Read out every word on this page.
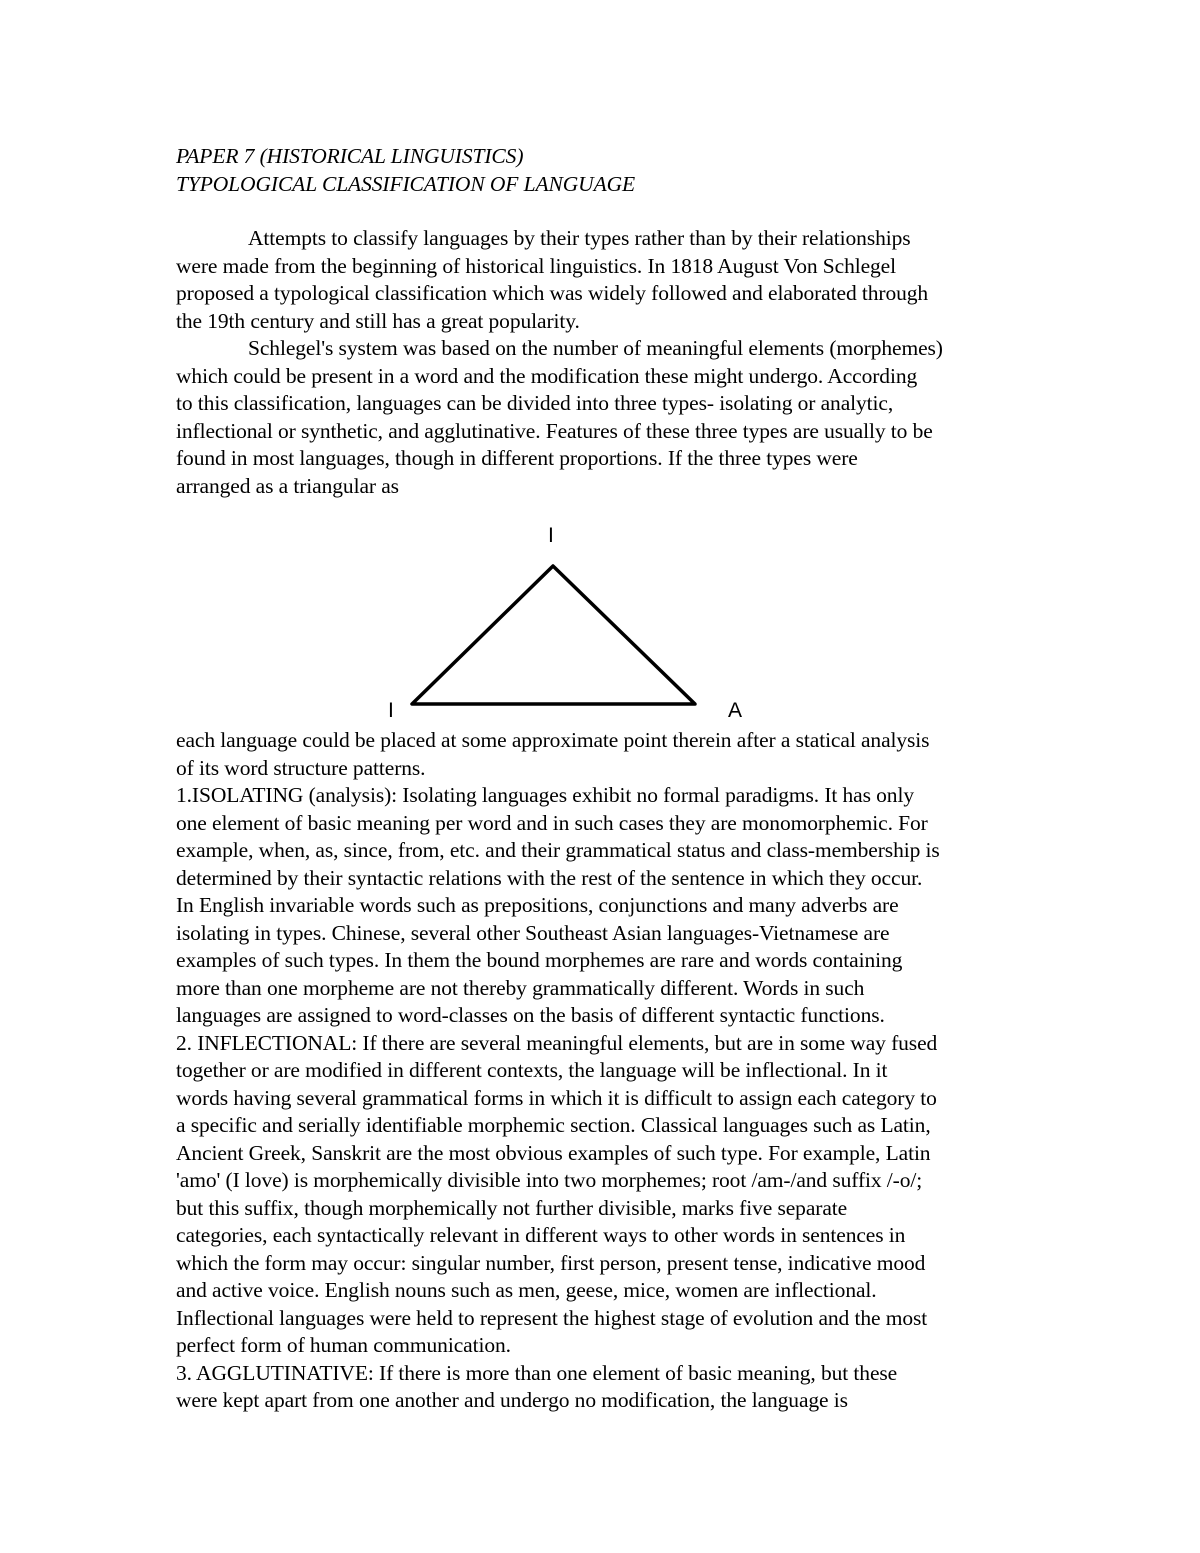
PAPER 7 (HISTORICAL LINGUISTICS)
TYPOLOGICAL CLASSIFICATION OF LANGUAGE
Attempts to classify languages by their types rather than by their relationships
were made from the beginning of historical linguistics. In 1818 August Von Schlegel
proposed a typological classification which was widely followed and elaborated through
the 19th century and still has a great popularity.
Schlegel's system was based on the number of meaningful elements (morphemes)
which could be present in a word and the modification these might undergo. According
to this classification, languages can be divided into three types- isolating or analytic,
inflectional or synthetic, and agglutinative. Features of these three types are usually to be
found in most languages, though in different proportions. If the three types were
arranged as a triangular as
I
I	A
each language could be placed at some approximate point therein after a statical analysis
of its word structure patterns.
1.ISOLATING (analysis): Isolating languages exhibit no formal paradigms. It has only
one element of basic meaning per word and in such cases they are monomorphemic. For
example, when, as, since, from, etc. and their grammatical status and class-membership is
determined by their syntactic relations with the rest of the sentence in which they occur.
In English invariable words such as prepositions, conjunctions and many adverbs are
isolating in types. Chinese, several other Southeast Asian languages-Vietnamese are
examples of such types. In them the bound morphemes are rare and words containing
more than one morpheme are not thereby grammatically different. Words in such
languages are assigned to word-classes on the basis of different syntactic functions.
2. INFLECTIONAL: If there are several meaningful elements, but are in some way fused
together or are modified in different contexts, the language will be inflectional. In it
words having several grammatical forms in which it is difficult to assign each category to
a specific and serially identifiable morphemic section. Classical languages such as Latin,
Ancient Greek, Sanskrit are the most obvious examples of such type. For example, Latin
'amo' (I love) is morphemically divisible into two morphemes; root /am-/and suffix /-o/;
but this suffix, though morphemically not further divisible, marks five separate
categories, each syntactically relevant in different ways to other words in sentences in
which the form may occur: singular number, first person, present tense, indicative mood
and active voice. English nouns such as men, geese, mice, women are inflectional.
Inflectional languages were held to represent the highest stage of evolution and the most
perfect form of human communication.
3. AGGLUTINATIVE: If there is more than one element of basic meaning, but these
were kept apart from one another and undergo no modification, the language is
